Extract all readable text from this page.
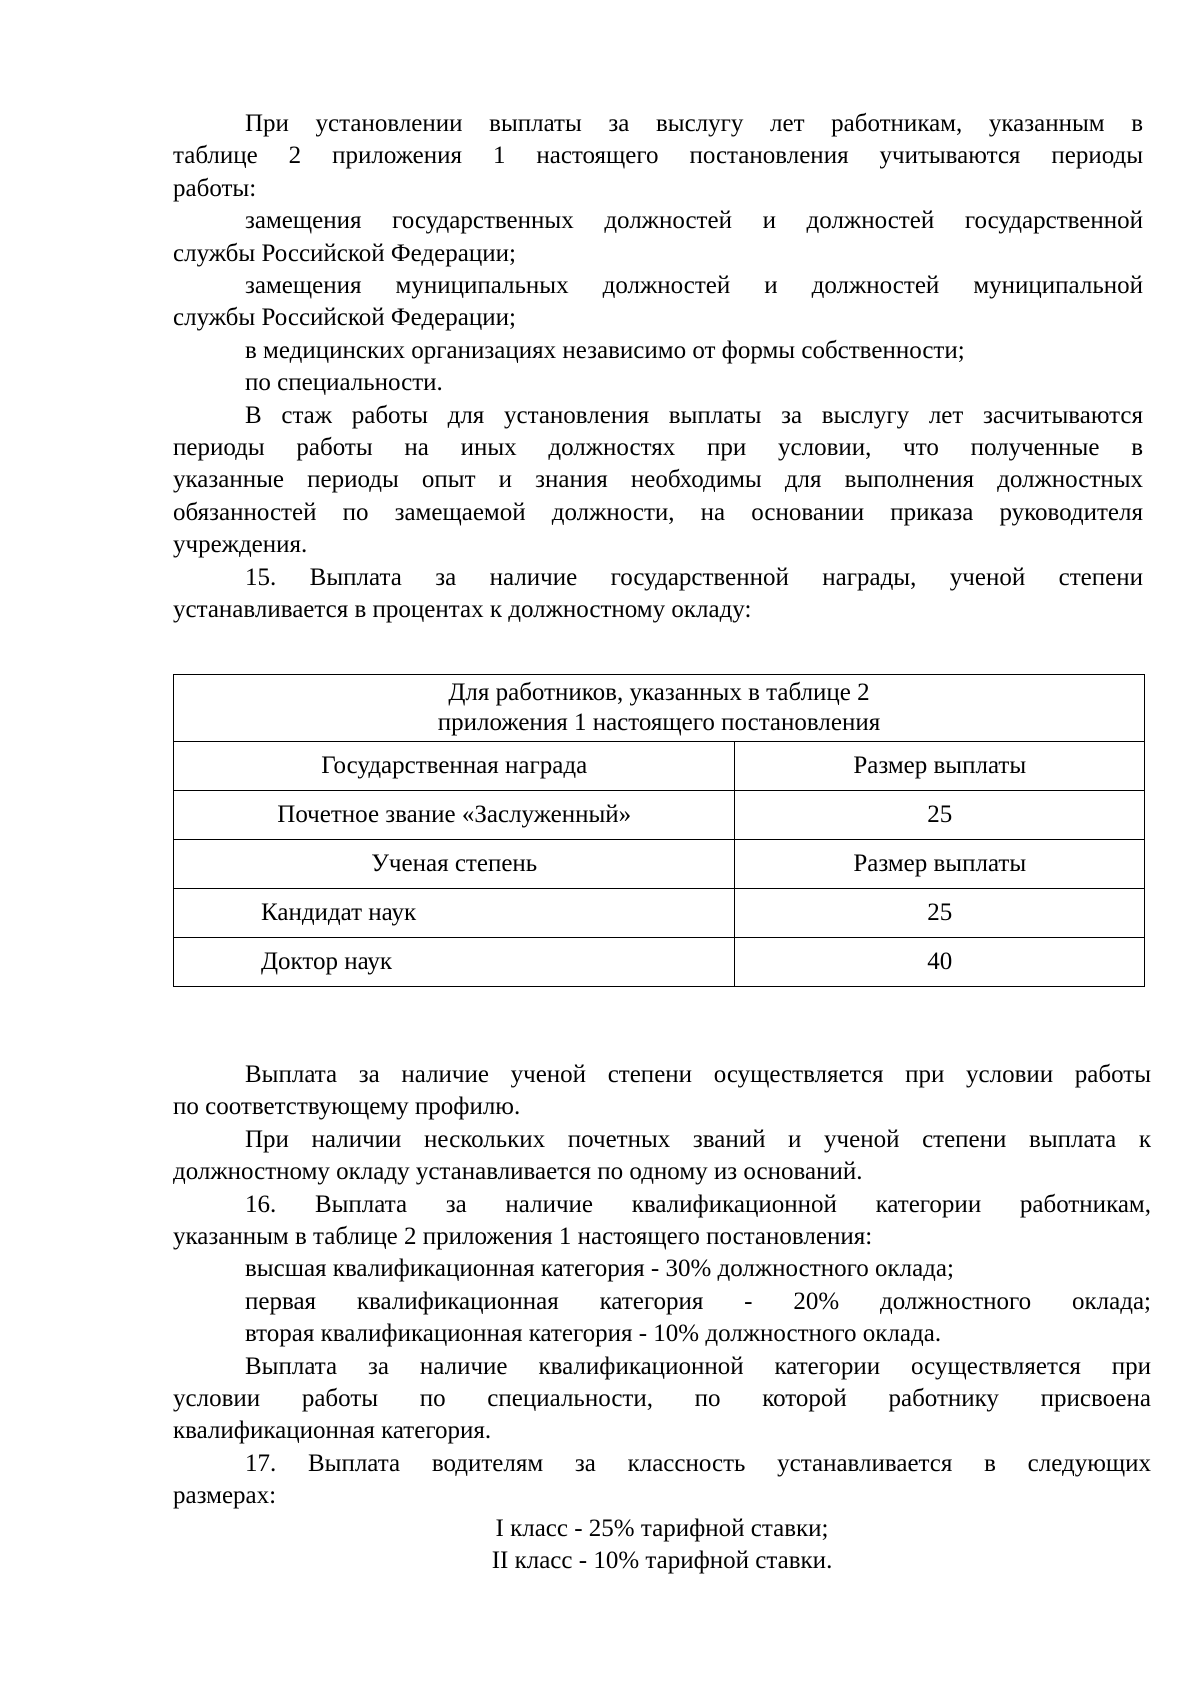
При установлении выплаты за выслугу лет работникам, указанным в
таблице 2 приложения 1 настоящего постановления учитываются периоды
работы:
замещения государственных должностей и должностей государственной
службы Российской Федерации;
замещения муниципальных должностей и должностей муниципальной
службы Российской Федерации;
в медицинских организациях независимо от формы собственности;
по специальности.
В стаж работы для установления выплаты за выслугу лет засчитываются
периоды работы на иных должностях при условии, что полученные в
указанные периоды опыт и знания необходимы для выполнения должностных
обязанностей по замещаемой должности, на основании приказа руководителя
учреждения.
15. Выплата за наличие государственной награды, ученой степени
устанавливается в процентах к должностному окладу:
Для работников, указанных в таблице 2
приложения 1 настоящего постановления	

Государственная награда	Размер выплаты
Почетное звание «Заслуженный»	25
Ученая степень	Размер выплаты
Кандидат наук	25
Доктор наук	40
Выплата за наличие ученой степени осуществляется при условии работы
по соответствующему профилю.
При наличии нескольких почетных званий и ученой степени выплата к
должностному окладу устанавливается по одному из оснований.
16. Выплата за наличие квалификационной категории работникам,
указанным в таблице 2 приложения 1 настоящего постановления:
высшая квалификационная категория - 30% должностного оклада;
первая квалификационная категория - 20% должностного оклада;
вторая квалификационная категория - 10% должностного оклада.
Выплата за наличие квалификационной категории осуществляется при
условии работы по специальности, по которой работнику присвоена
квалификационная категория.
17. Выплата водителям за классность устанавливается в следующих
размерах:
I класс - 25% тарифной ставки;
II класс - 10% тарифной ставки.
